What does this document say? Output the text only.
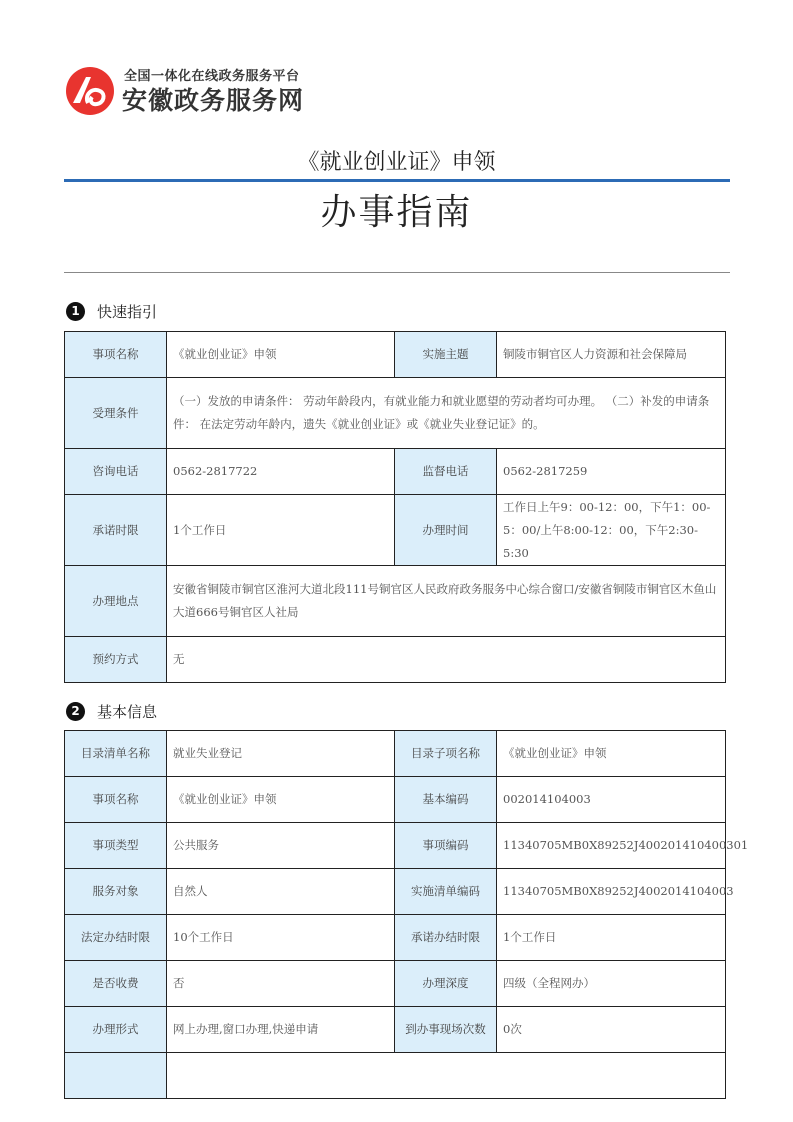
全国一体化在线政务服务平台
安徽政务服务网
《就业创业证》申领
办事指南
1	快速指引
事项名称	《就业创业证》申领	实施主题	铜陵市铜官区人力资源和社会保障局
受理条件	（一）发放的申请条件： 劳动年龄段内，有就业能力和就业愿望的劳动者均可办理。 （二）补发的申请条件： 在法定劳动年龄内，遗失《就业创业证》或《就业失业登记证》的。		
咨询电话	0562-2817722	监督电话	0562-2817259
承诺时限	1个工作日	办理时间	工作日上午9：00-12：00，下午1：00-5：00/上午8:00-12：00，下午2:30-5:30
办理地点	安徽省铜陵市铜官区淮河大道北段111号铜官区人民政府政务服务中心综合窗口/安徽省铜陵市铜官区木鱼山大道666号铜官区人社局		
预约方式	无		
2	基本信息
目录清单名称	就业失业登记	目录子项名称	《就业创业证》申领
事项名称	《就业创业证》申领	基本编码	002014104003
事项类型	公共服务	事项编码	11340705MB0X89252J400201410400301
服务对象	自然人	实施清单编码	11340705MB0X89252J4002014104003
法定办结时限	10个工作日	承诺办结时限	1个工作日
是否收费	否	办理深度	四级（全程网办）
办理形式	网上办理,窗口办理,快递申请	到办事现场次数	0次
